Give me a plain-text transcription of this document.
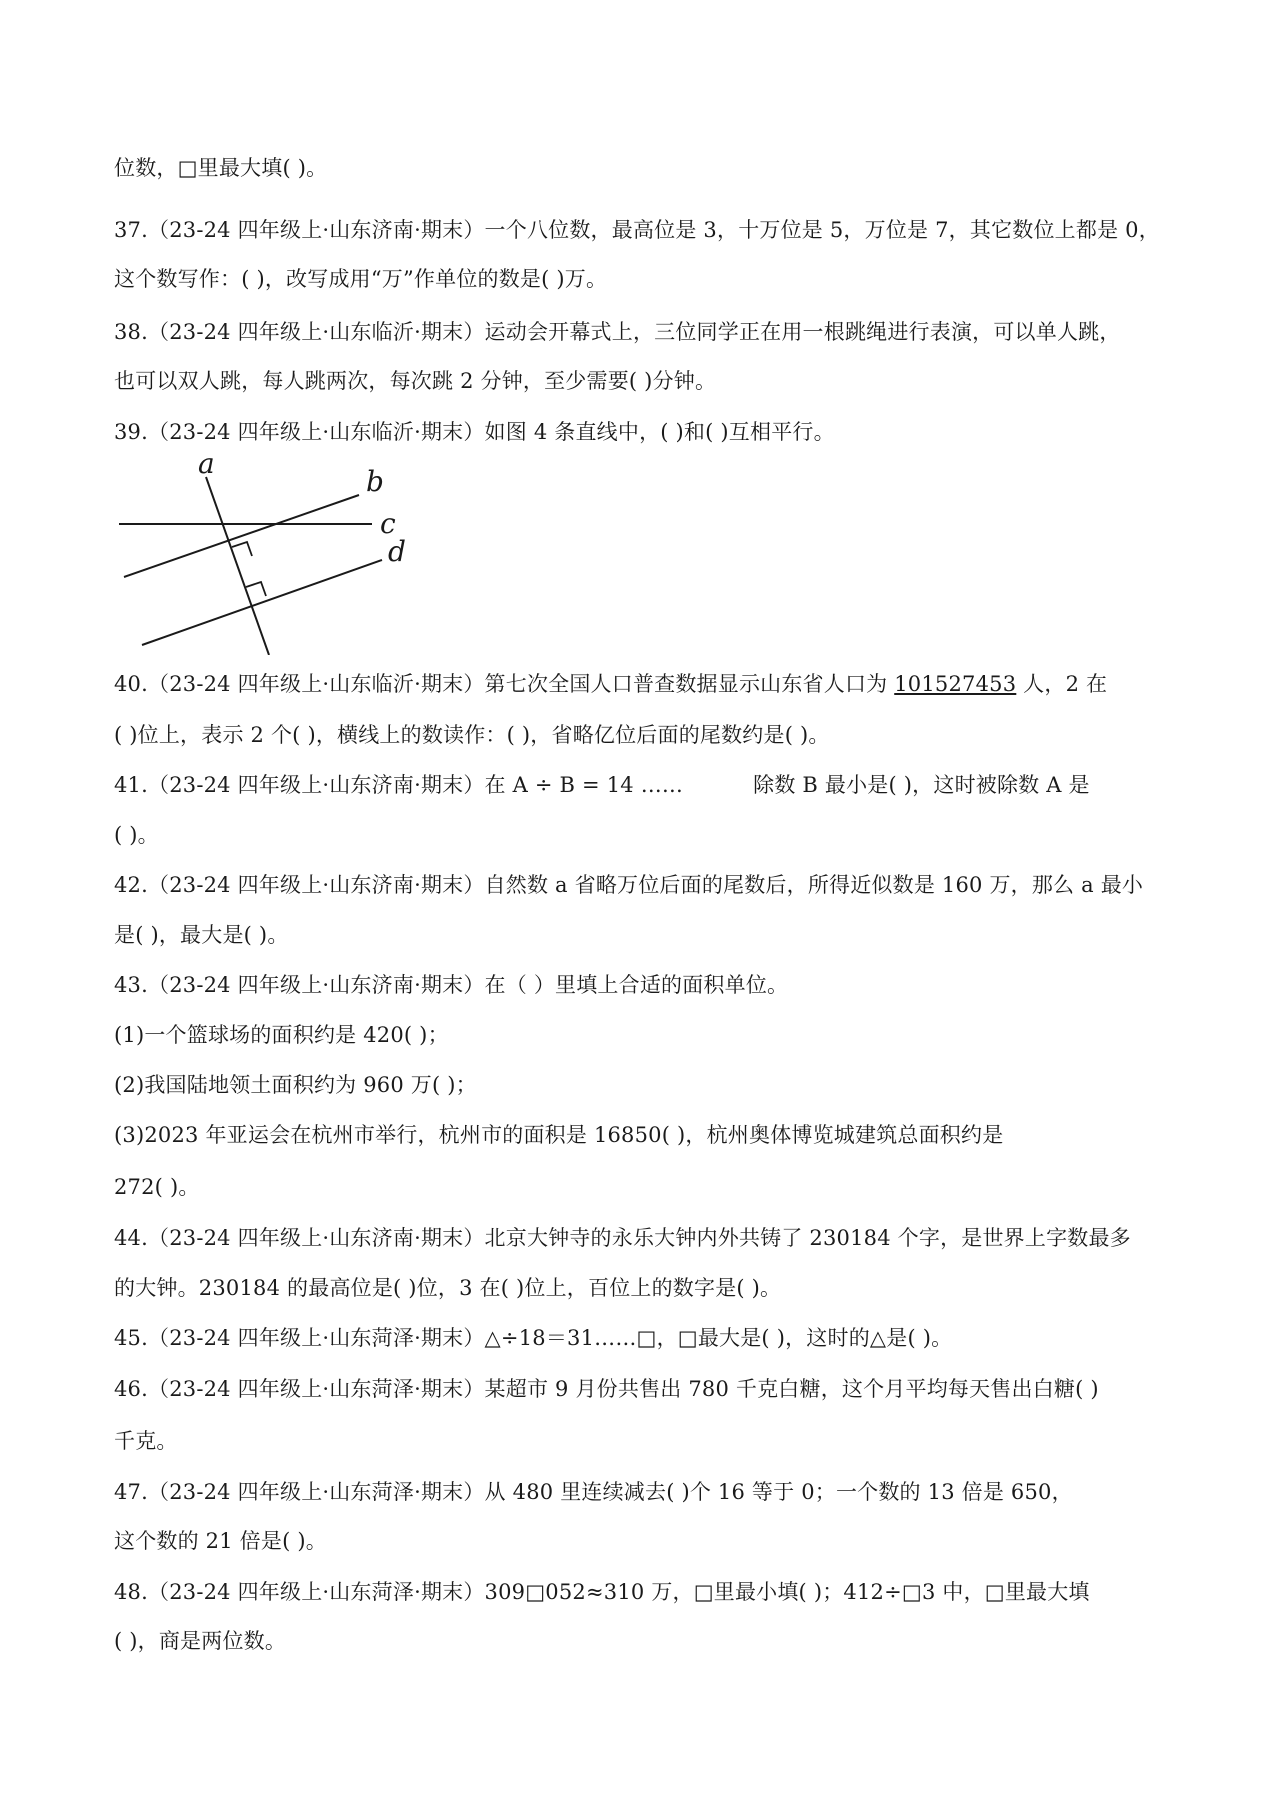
位数，□里最大填( )。
37.（23-24 四年级上·山东济南·期末）一个八位数，最高位是 3，十万位是 5，万位是 7，其它数位上都是 0，
这个数写作：( )，改写成用“万”作单位的数是( )万。
38.（23-24 四年级上·山东临沂·期末）运动会开幕式上，三位同学正在用一根跳绳进行表演，可以单人跳，
也可以双人跳，每人跳两次，每次跳 2 分钟，至少需要( )分钟。
39.（23-24 四年级上·山东临沂·期末）如图 4 条直线中，( )和( )互相平行。
a
b
c
d
40.（23-24 四年级上·山东临沂·期末）第七次全国人口普查数据显示山东省人口为 101527453 人，2 在
( )位上，表示 2 个( )，横线上的数读作：( )，省略亿位后面的尾数约是( )。
41.（23-24 四年级上·山东济南·期末）在 A ÷ B = 14 ……	除数 B 最小是( )，这时被除数 A 是
( )。
42.（23-24 四年级上·山东济南·期末）自然数 a 省略万位后面的尾数后，所得近似数是 160 万，那么 a 最小
是( )，最大是( )。
43.（23-24 四年级上·山东济南·期末）在（ ）里填上合适的面积单位。
(1)一个篮球场的面积约是 420( )；
(2)我国陆地领土面积约为 960 万( )；
(3)2023 年亚运会在杭州市举行，杭州市的面积是 16850( )，杭州奥体博览城建筑总面积约是
272( )。
44.（23-24 四年级上·山东济南·期末）北京大钟寺的永乐大钟内外共铸了 230184 个字，是世界上字数最多
的大钟。230184 的最高位是( )位，3 在( )位上，百位上的数字是( )。
45.（23-24 四年级上·山东菏泽·期末）△÷18＝31……□，□最大是( )，这时的△是( )。
46.（23-24 四年级上·山东菏泽·期末）某超市 9 月份共售出 780 千克白糖，这个月平均每天售出白糖( )
千克。
47.（23-24 四年级上·山东菏泽·期末）从 480 里连续减去( )个 16 等于 0；一个数的 13 倍是 650，
这个数的 21 倍是( )。
48.（23-24 四年级上·山东菏泽·期末）309□052≈310 万，□里最小填( )；412÷□3 中，□里最大填
( )，商是两位数。
